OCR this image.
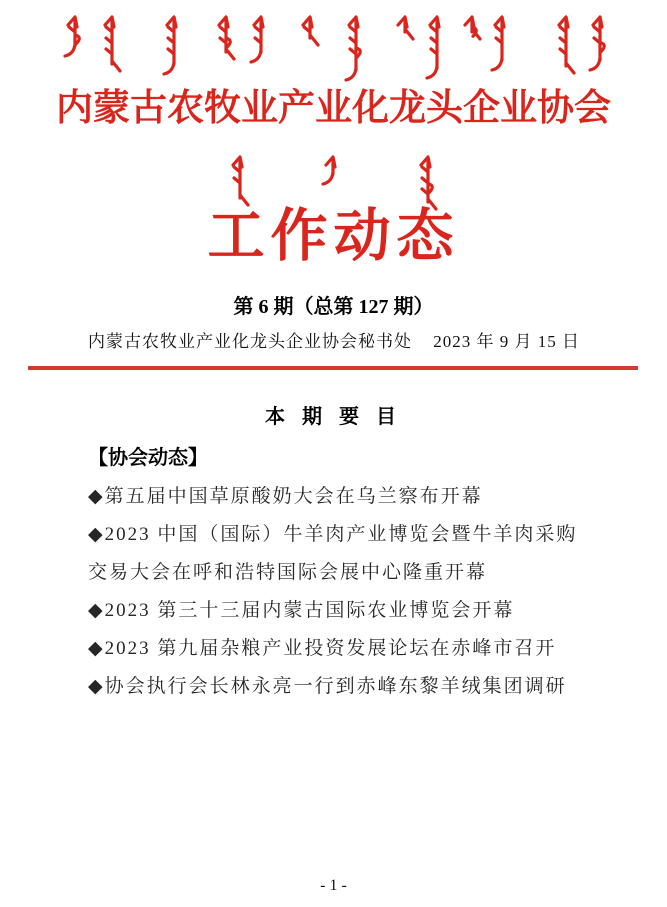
内蒙古农牧业产业化龙头企业协会
工作动态
第 6 期（总第 127 期）
内蒙古农牧业产业化龙头企业协会秘书处 2023 年 9 月 15 日
本 期 要 目
【协会动态】
◆第五届中国草原酸奶大会在乌兰察布开幕
◆2023 中国（国际）牛羊肉产业博览会暨牛羊肉采购交易大会在呼和浩特国际会展中心隆重开幕
◆2023 第三十三届内蒙古国际农业博览会开幕
◆2023 第九届杂粮产业投资发展论坛在赤峰市召开
◆协会执行会长林永亮一行到赤峰东黎羊绒集团调研
- 1 -
